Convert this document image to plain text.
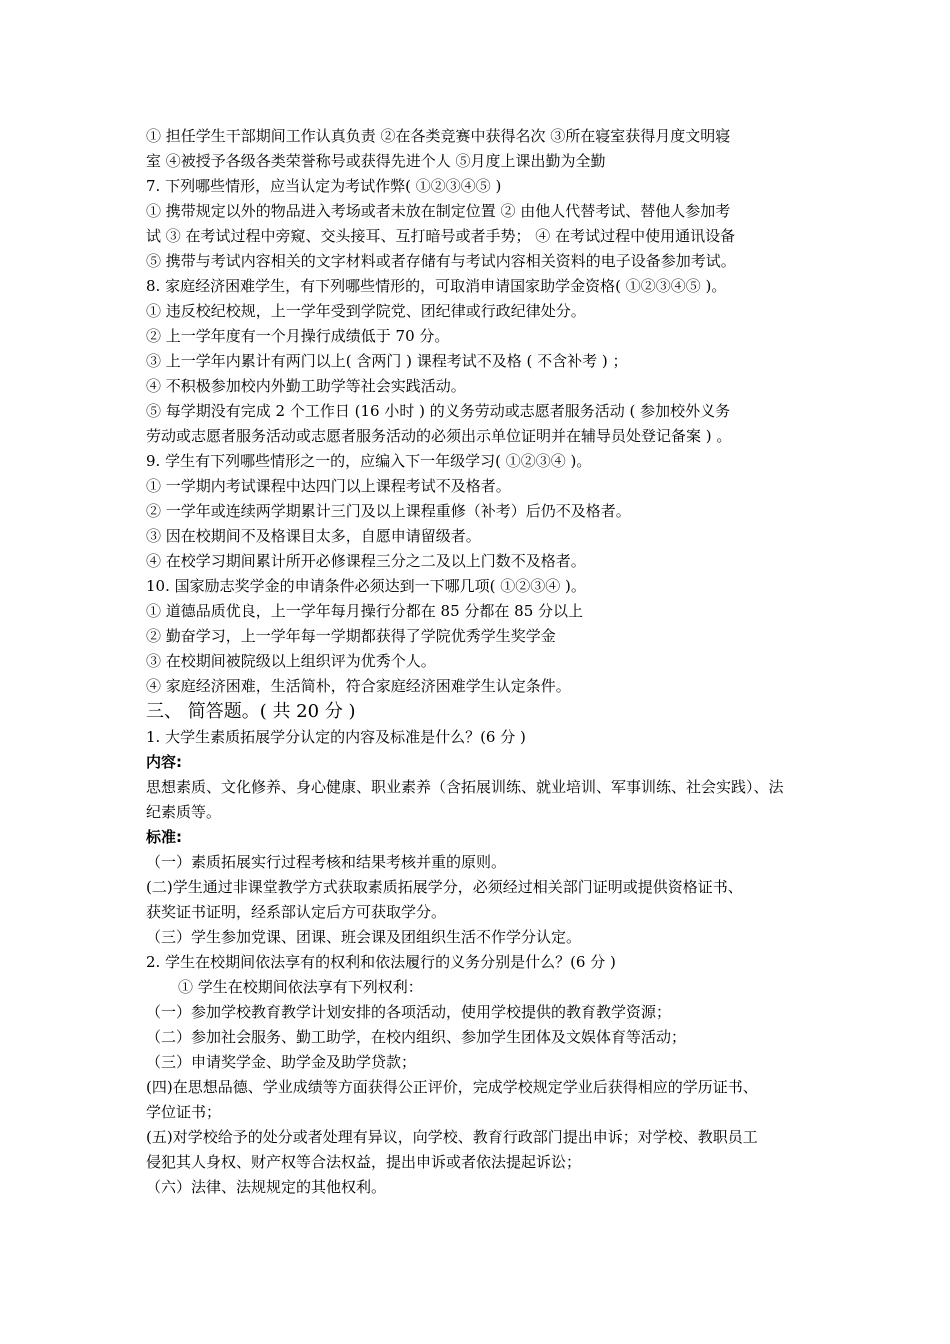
① 担任学生干部期间工作认真负责 ②在各类竞赛中获得名次 ③所在寝室获得月度文明寝
室 ④被授予各级各类荣誉称号或获得先进个人 ⑤月度上课出勤为全勤
7. 下列哪些情形，应当认定为考试作弊( ①②③④⑤ )
① 携带规定以外的物品进入考场或者未放在制定位置 ② 由他人代替考试、替他人参加考
试 ③ 在考试过程中旁窥、交头接耳、互打暗号或者手势； ④ 在考试过程中使用通讯设备
⑤ 携带与考试内容相关的文字材料或者存储有与考试内容相关资料的电子设备参加考试。
8. 家庭经济困难学生，有下列哪些情形的，可取消申请国家助学金资格( ①②③④⑤ )。
① 违反校纪校规，上一学年受到学院党、团纪律或行政纪律处分。
② 上一学年度有一个月操行成绩低于 70 分。
③ 上一学年内累计有两门以上( 含两门 ) 课程考试不及格 ( 不含补考 ) ；
④ 不积极参加校内外勤工助学等社会实践活动。
⑤ 每学期没有完成 2 个工作日 (16 小时 ) 的义务劳动或志愿者服务活动 ( 参加校外义务
劳动或志愿者服务活动或志愿者服务活动的必须出示单位证明并在辅导员处登记备案 ) 。
9. 学生有下列哪些情形之一的，应编入下一年级学习( ①②③④ )。
① 一学期内考试课程中达四门以上课程考试不及格者。
② 一学年或连续两学期累计三门及以上课程重修（补考）后仍不及格者。
③ 因在校期间不及格课目太多，自愿申请留级者。
④ 在校学习期间累计所开必修课程三分之二及以上门数不及格者。
10. 国家励志奖学金的申请条件必须达到一下哪几项( ①②③④ )。
① 道德品质优良，上一学年每月操行分都在 85 分都在 85 分以上
② 勤奋学习，上一学年每一学期都获得了学院优秀学生奖学金
③ 在校期间被院级以上组织评为优秀个人。
④ 家庭经济困难，生活简朴，符合家庭经济困难学生认定条件。
三、 简答题。( 共 20 分 )
1. 大学生素质拓展学分认定的内容及标准是什么？(6 分 )
内容:
思想素质、文化修养、身心健康、职业素养（含拓展训练、就业培训、军事训练、社会实践）、法
纪素质等。
标准:
（一）素质拓展实行过程考核和结果考核并重的原则。
(二)学生通过非课堂教学方式获取素质拓展学分，必须经过相关部门证明或提供资格证书、
获奖证书证明，经系部认定后方可获取学分。
（三）学生参加党课、团课、班会课及团组织生活不作学分认定。
2. 学生在校期间依法享有的权利和依法履行的义务分别是什么？(6 分 )
① 学生在校期间依法享有下列权利：
（一）参加学校教育教学计划安排的各项活动，使用学校提供的教育教学资源；
（二）参加社会服务、勤工助学，在校内组织、参加学生团体及文娱体育等活动；
（三）申请奖学金、助学金及助学贷款；
(四)在思想品德、学业成绩等方面获得公正评价，完成学校规定学业后获得相应的学历证书、
学位证书；
(五)对学校给予的处分或者处理有异议，向学校、教育行政部门提出申诉；对学校、教职员工
侵犯其人身权、财产权等合法权益，提出申诉或者依法提起诉讼；
（六）法律、法规规定的其他权利。
